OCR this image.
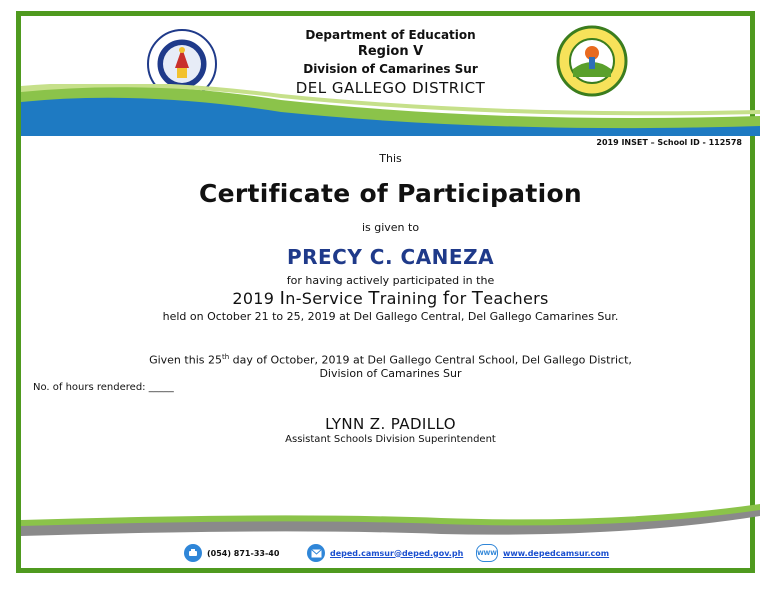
Department of Education
Region V
Division of Camarines Sur
DEL GALLEGO DISTRICT
2019 INSET – School ID - 112578
This
Certificate of Participation
is given to
PRECY C. CANEZA
for having actively participated in the
2019 In-Service Training for Teachers
held on October 21 to 25, 2019 at Del Gallego Central, Del Gallego Camarines Sur.
Given this 25th day of October, 2019 at Del Gallego Central School, Del Gallego District,
Division of Camarines Sur
No. of hours rendered: _____
LYNN Z. PADILLO
Assistant Schools Division Superintendent
(054) 871-33-40	deped.camsur@deped.gov.ph WWW www.depedcamsur.com
